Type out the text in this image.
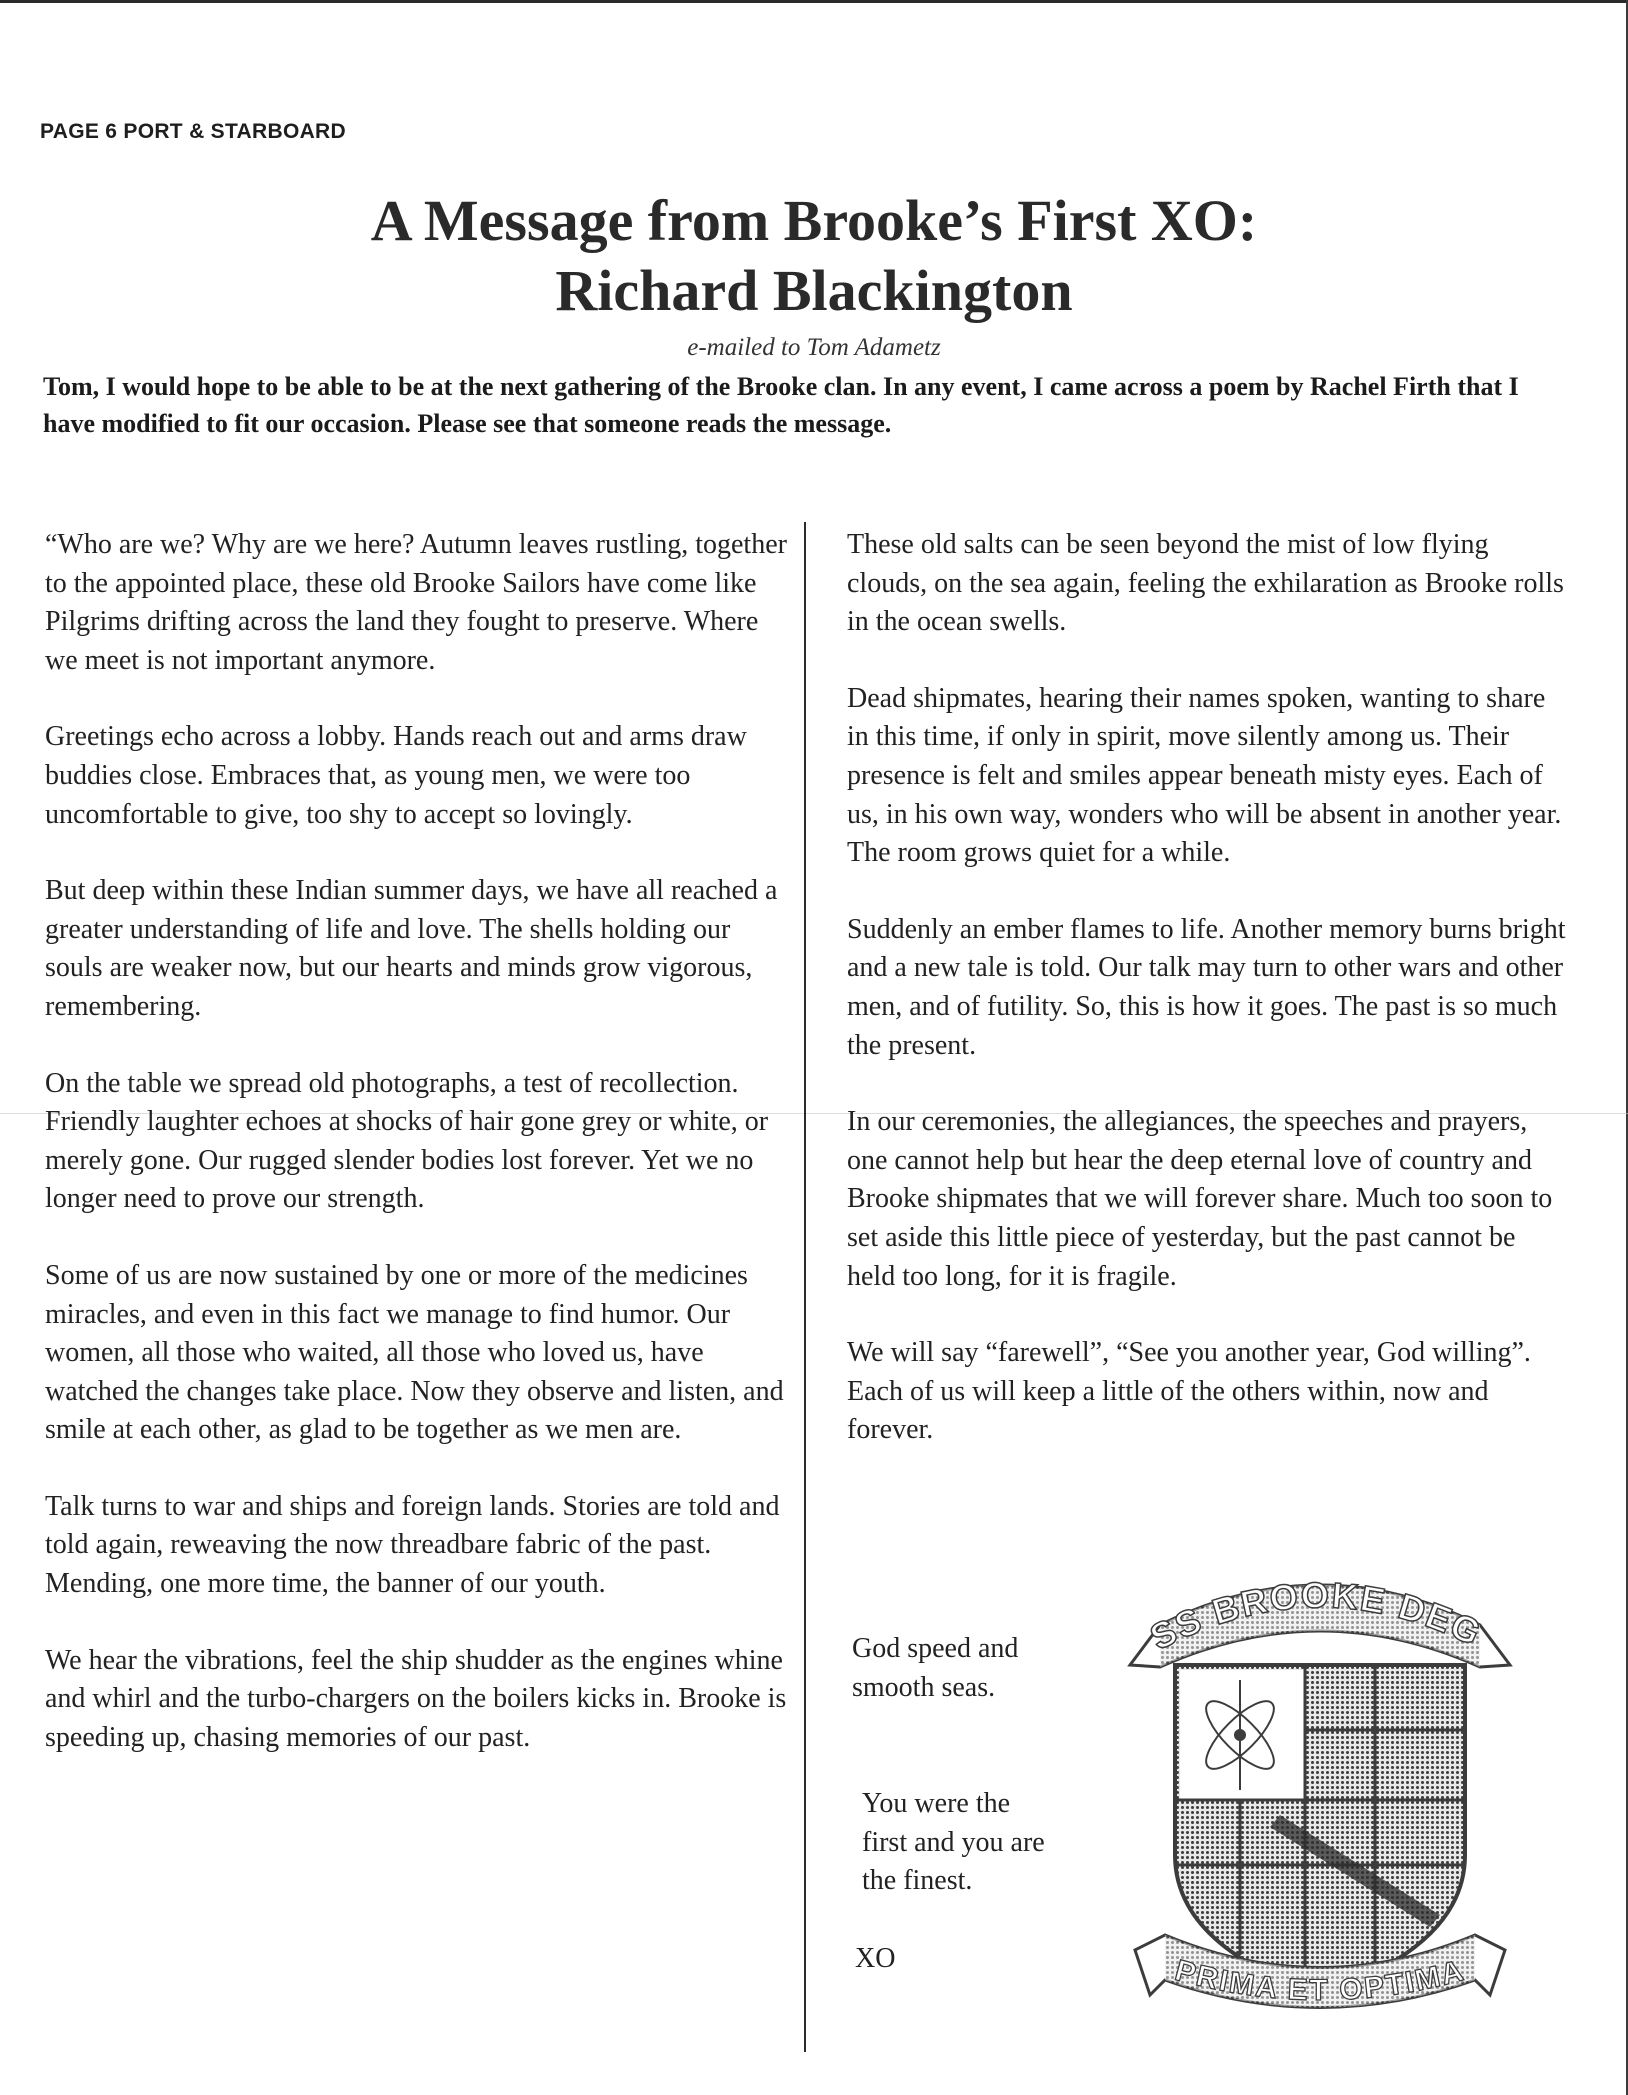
PAGE 6 PORT & STARBOARD
A Message from Brooke’s First XO:
Richard Blackington
e-mailed to Tom Adametz
Tom, I would hope to be able to be at the next gathering of the Brooke clan. In any event, I came across a poem by Rachel Firth that I have modified to fit our occasion. Please see that someone reads the message.

“Who are we? Why are we here? Autumn leaves rustling, together to the appointed place, these old Brooke Sailors have come like Pilgrims drifting across the land they fought to preserve. Where we meet is not important anymore.

Greetings echo across a lobby. Hands reach out and arms draw buddies close. Embraces that, as young men, we were too uncomfortable to give, too shy to accept so lovingly.

But deep within these Indian summer days, we have all reached a greater understanding of life and love. The shells holding our souls are weaker now, but our hearts and minds grow vigorous, remembering.

On the table we spread old photographs, a test of recollection. Friendly laughter echoes at shocks of hair gone grey or white, or merely gone. Our rugged slender bodies lost forever. Yet we no longer need to prove our strength.

Some of us are now sustained by one or more of the medicines miracles, and even in this fact we manage to find humor. Our women, all those who waited, all those who loved us, have watched the changes take place. Now they observe and listen, and smile at each other, as glad to be together as we men are.

Talk turns to war and ships and foreign lands. Stories are told and told again, reweaving the now threadbare fabric of the past. Mending, one more time, the banner of our youth.

We hear the vibrations, feel the ship shudder as the engines whine and whirl and the turbo-chargers on the boilers kicks in. Brooke is speeding up, chasing memories of our past.

These old salts can be seen beyond the mist of low flying clouds, on the sea again, feeling the exhilaration as Brooke rolls in the ocean swells.

Dead shipmates, hearing their names spoken, wanting to share in this time, if only in spirit, move silently among us. Their presence is felt and smiles appear beneath misty eyes. Each of us, in his own way, wonders who will be absent in another year. The room grows quiet for a while.

Suddenly an ember flames to life. Another memory burns bright and a new tale is told. Our talk may turn to other wars and other men, and of futility. So, this is how it goes. The past is so much the present.

In our ceremonies, the allegiances, the speeches and prayers, one cannot help but hear the deep eternal love of country and Brooke shipmates that we will forever share. Much too soon to set aside this little piece of yesterday, but the past cannot be held too long, for it is fragile.

We will say “farewell”, “See you another year, God willing”. Each of us will keep a little of the others within, now and forever.

God speed and smooth seas.
You were the first and you are the finest.
XO
SS BROOKE DEG
PRIMA ET OPTIMA
